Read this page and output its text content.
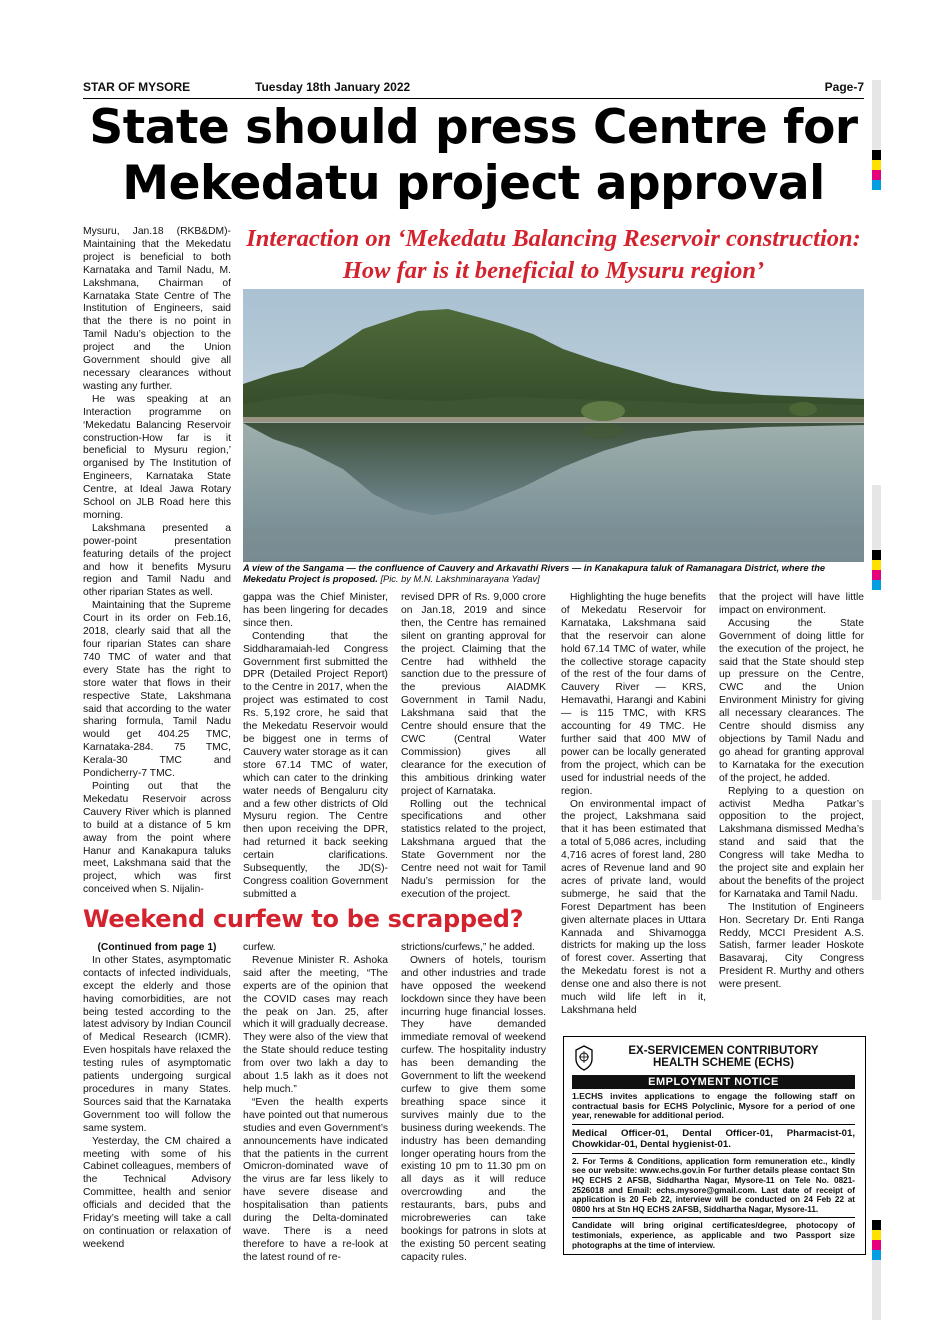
STAR OF MYSORE	Tuesday 18th January 2022	Page-7
State should press Centre for
Mekedatu project approval
Interaction on ‘Mekedatu Balancing Reservoir construction:
How far is it beneficial to Mysuru region’
A view of the Sangama — the confluence of Cauvery and Arkavathi Rivers — in Kanakapura taluk of Ramanagara District, where the Mekedatu Project is proposed. [Pic. by M.N. Lakshminarayana Yadav]

Mysuru, Jan.18 (RKB&DM)-Maintaining that the Mekedatu project is beneficial to both Karnataka and Tamil Nadu, M. Lakshmana, Chairman of Karnataka State Centre of The Institution of Engineers, said that the there is no point in Tamil Nadu’s objection to the project and the Union Government should give all necessary clearances without wasting any further.

He was speaking at an Interaction programme on ‘Mekedatu Balancing Reservoir construction-How far is it beneficial to Mysuru region,’ organised by The Institution of Engineers, Karnataka State Centre, at Ideal Jawa Rotary School on JLB Road here this morning.

Lakshmana presented a power-point presentation featuring details of the project and how it benefits Mysuru region and Tamil Nadu and other riparian States as well.

Maintaining that the Supreme Court in its order on Feb.16, 2018, clearly said that all the four riparian States can share 740 TMC of water and that every State has the right to store water that flows in their respective State, Lakshmana said that according to the water sharing formula, Tamil Nadu would get 404.25 TMC, Karnataka-284. 75 TMC, Kerala-30 TMC and Pondicherry-7 TMC.

Pointing out that the Mekedatu Reservoir across Cauvery River which is planned to build at a distance of 5 km away from the point where Hanur and Kanakapura taluks meet, Lakshmana said that the project, which was first conceived when S. Nijalin-

gappa was the Chief Minister, has been lingering for decades since then.

Contending that the Siddharamaiah-led Congress Government first submitted the DPR (Detailed Project Report) to the Centre in 2017, when the project was estimated to cost Rs. 5,192 crore, he said that the Mekedatu Reservoir would be biggest one in terms of Cauvery water storage as it can store 67.14 TMC of water, which can cater to the drinking water needs of Bengaluru city and a few other districts of Old Mysuru region. The Centre then upon receiving the DPR, had returned it back seeking certain clarifications. Subsequently, the JD(S)-Congress coalition Government submitted a

revised DPR of Rs. 9,000 crore on Jan.18, 2019 and since then, the Centre has remained silent on granting approval for the project. Claiming that the Centre had withheld the sanction due to the pressure of the previous AIADMK Government in Tamil Nadu, Lakshmana said that the Centre should ensure that the CWC (Central Water Commission) gives all clearance for the execution of this ambitious drinking water project of Karnataka.

Rolling out the technical specifications and other statistics related to the project, Lakshmana argued that the State Government nor the Centre need not wait for Tamil Nadu’s permission for the execution of the project.

Highlighting the huge benefits of Mekedatu Reservoir for Karnataka, Lakshmana said that the reservoir can alone hold 67.14 TMC of water, while the collective storage capacity of the rest of the four dams of Cauvery River — KRS, Hemavathi, Harangi and Kabini — is 115 TMC, with KRS accounting for 49 TMC. He further said that 400 MW of power can be locally generated from the project, which can be used for industrial needs of the region.

On environmental impact of the project, Lakshmana said that it has been estimated that a total of 5,086 acres, including 4,716 acres of forest land, 280 acres of Revenue land and 90 acres of private land, would submerge, he said that the Forest Department has been given alternate places in Uttara Kannada and Shivamogga districts for making up the loss of forest cover. Asserting that the Mekedatu forest is not a dense one and also there is not much wild life left in it, Lakshmana held

that the project will have little impact on environment.

Accusing the State Government of doing little for the execution of the project, he said that the State should step up pressure on the Centre, CWC and the Union Environment Ministry for giving all necessary clearances. The Centre should dismiss any objections by Tamil Nadu and go ahead for granting approval to Karnataka for the execution of the project, he added.

Replying to a question on activist Medha Patkar’s opposition to the project, Lakshmana dismissed Medha’s stand and said that the Congress will take Medha to the project site and explain her about the benefits of the project for Karnataka and Tamil Nadu.

The Institution of Engineers Hon. Secretary Dr. Enti Ranga Reddy, MCCI President A.S. Satish, farmer leader Hoskote Basavaraj, City Congress President R. Murthy and others were present.

Weekend curfew to be scrapped?

(Continued from page 1)

In other States, asymptomatic contacts of infected individuals, except the elderly and those having comorbidities, are not being tested according to the latest advisory by Indian Council of Medical Research (ICMR). Even hospitals have relaxed the testing rules of asymptomatic patients undergoing surgical procedures in many States. Sources said that the Karnataka Government too will follow the same system.

Yesterday, the CM chaired a meeting with some of his Cabinet colleagues, members of the Technical Advisory Committee, health and senior officials and decided that the Friday’s meeting will take a call on continuation or relaxation of weekend

curfew.

Revenue Minister R. Ashoka said after the meeting, “The experts are of the opinion that the COVID cases may reach the peak on Jan. 25, after which it will gradually decrease. They were also of the view that the State should reduce testing from over two lakh a day to about 1.5 lakh as it does not help much.”

“Even the health experts have pointed out that numerous studies and even Government’s announcements have indicated that the patients in the current Omicron-dominated wave of the virus are far less likely to have severe disease and hospitalisation than patients during the Delta-dominated wave. There is a need therefore to have a re-look at the latest round of re-

strictions/curfews,” he added.

Owners of hotels, tourism and other industries and trade have opposed the weekend lockdown since they have been incurring huge financial losses. They have demanded immediate removal of weekend curfew. The hospitality industry has been demanding the Government to lift the weekend curfew to give them some breathing space since it survives mainly due to the business during weekends. The industry has been demanding longer operating hours from the existing 10 pm to 11.30 pm on all days as it will reduce overcrowding and the restaurants, bars, pubs and microbreweries can take bookings for patrons in slots at the existing 50 percent seating capacity rules.

EX-SERVICEMEN CONTRIBUTORY
HEALTH SCHEME (ECHS)
EMPLOYMENT NOTICE
1.ECHS invites applications to engage the following staff on contractual basis for ECHS Polyclinic, Mysore for a period of one year, renewable for additional period.
Medical Officer-01, Dental Officer-01, Pharmacist-01, Chowkidar-01, Dental hygienist-01.
2. For Terms & Conditions, application form remuneration etc., kindly see our website: www.echs.gov.in For further details please contact Stn HQ ECHS 2 AFSB, Siddhartha Nagar, Mysore-11 on Tele No. 0821-2526018 and Email: echs.mysore@gmail.com. Last date of receipt of application is 20 Feb 22, interview will be conducted on 24 Feb 22 at 0800 hrs at Stn HQ ECHS 2AFSB, Siddhartha Nagar, Mysore-11.
Candidate will bring original certificates/degree, photocopy of testimonials, experience, as applicable and two Passport size photographs at the time of interview.
